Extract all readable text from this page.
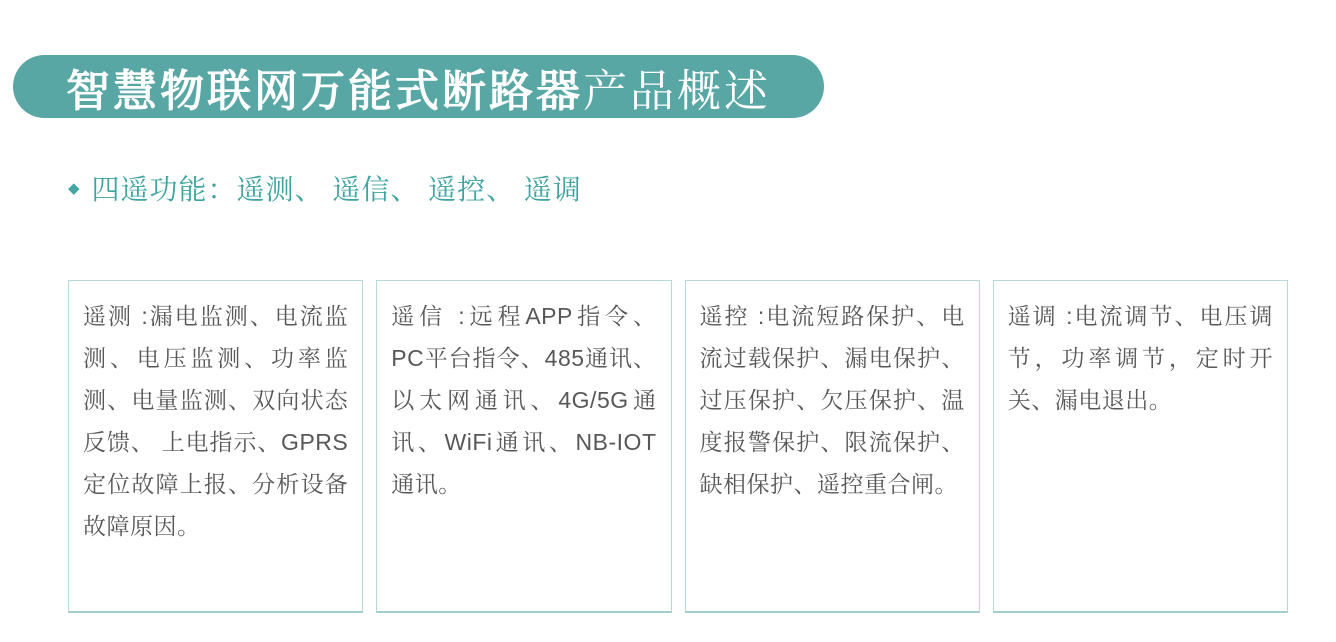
智慧物联网万能式断路器 产品概述
◆ 四遥功能：遥测、 遥信、 遥控、 遥调
遥测 :漏电监测、电流监测、电压监测、功率监测、电量监测、双向状态反馈、 上电指示、GPRS定位故障上报、分析设备故障原因。
遥信 :远程APP指令、 PC平台指令、485通讯、以太网通讯、4G/5G通讯、WiFi通讯、NB-IOT通讯。
遥控 :电流短路保护、电流过载保护、漏电保护、过压保护、欠压保护、温度报警保护、限流保护、缺相保护、遥控重合闸。
遥调 :电流调节、电压调节，功率调节，定时开关、漏电退出。
